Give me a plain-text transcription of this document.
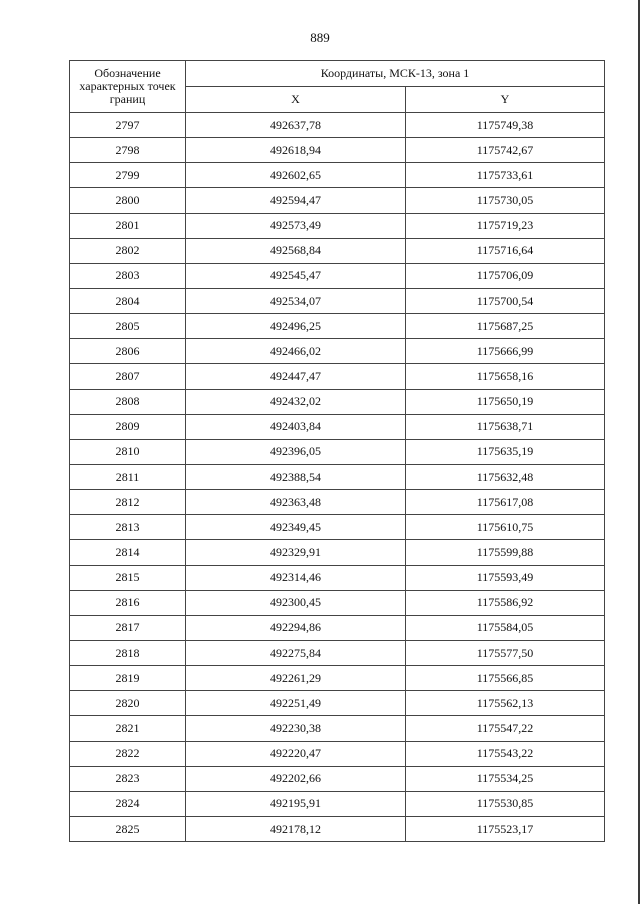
889
Обозначение характерных точек границ	Координаты, МСК-13, зона 1	
	X	Y
2797	492637,78	1175749,38
2798	492618,94	1175742,67
2799	492602,65	1175733,61
2800	492594,47	1175730,05
2801	492573,49	1175719,23
2802	492568,84	1175716,64
2803	492545,47	1175706,09
2804	492534,07	1175700,54
2805	492496,25	1175687,25
2806	492466,02	1175666,99
2807	492447,47	1175658,16
2808	492432,02	1175650,19
2809	492403,84	1175638,71
2810	492396,05	1175635,19
2811	492388,54	1175632,48
2812	492363,48	1175617,08
2813	492349,45	1175610,75
2814	492329,91	1175599,88
2815	492314,46	1175593,49
2816	492300,45	1175586,92
2817	492294,86	1175584,05
2818	492275,84	1175577,50
2819	492261,29	1175566,85
2820	492251,49	1175562,13
2821	492230,38	1175547,22
2822	492220,47	1175543,22
2823	492202,66	1175534,25
2824	492195,91	1175530,85
2825	492178,12	1175523,17
